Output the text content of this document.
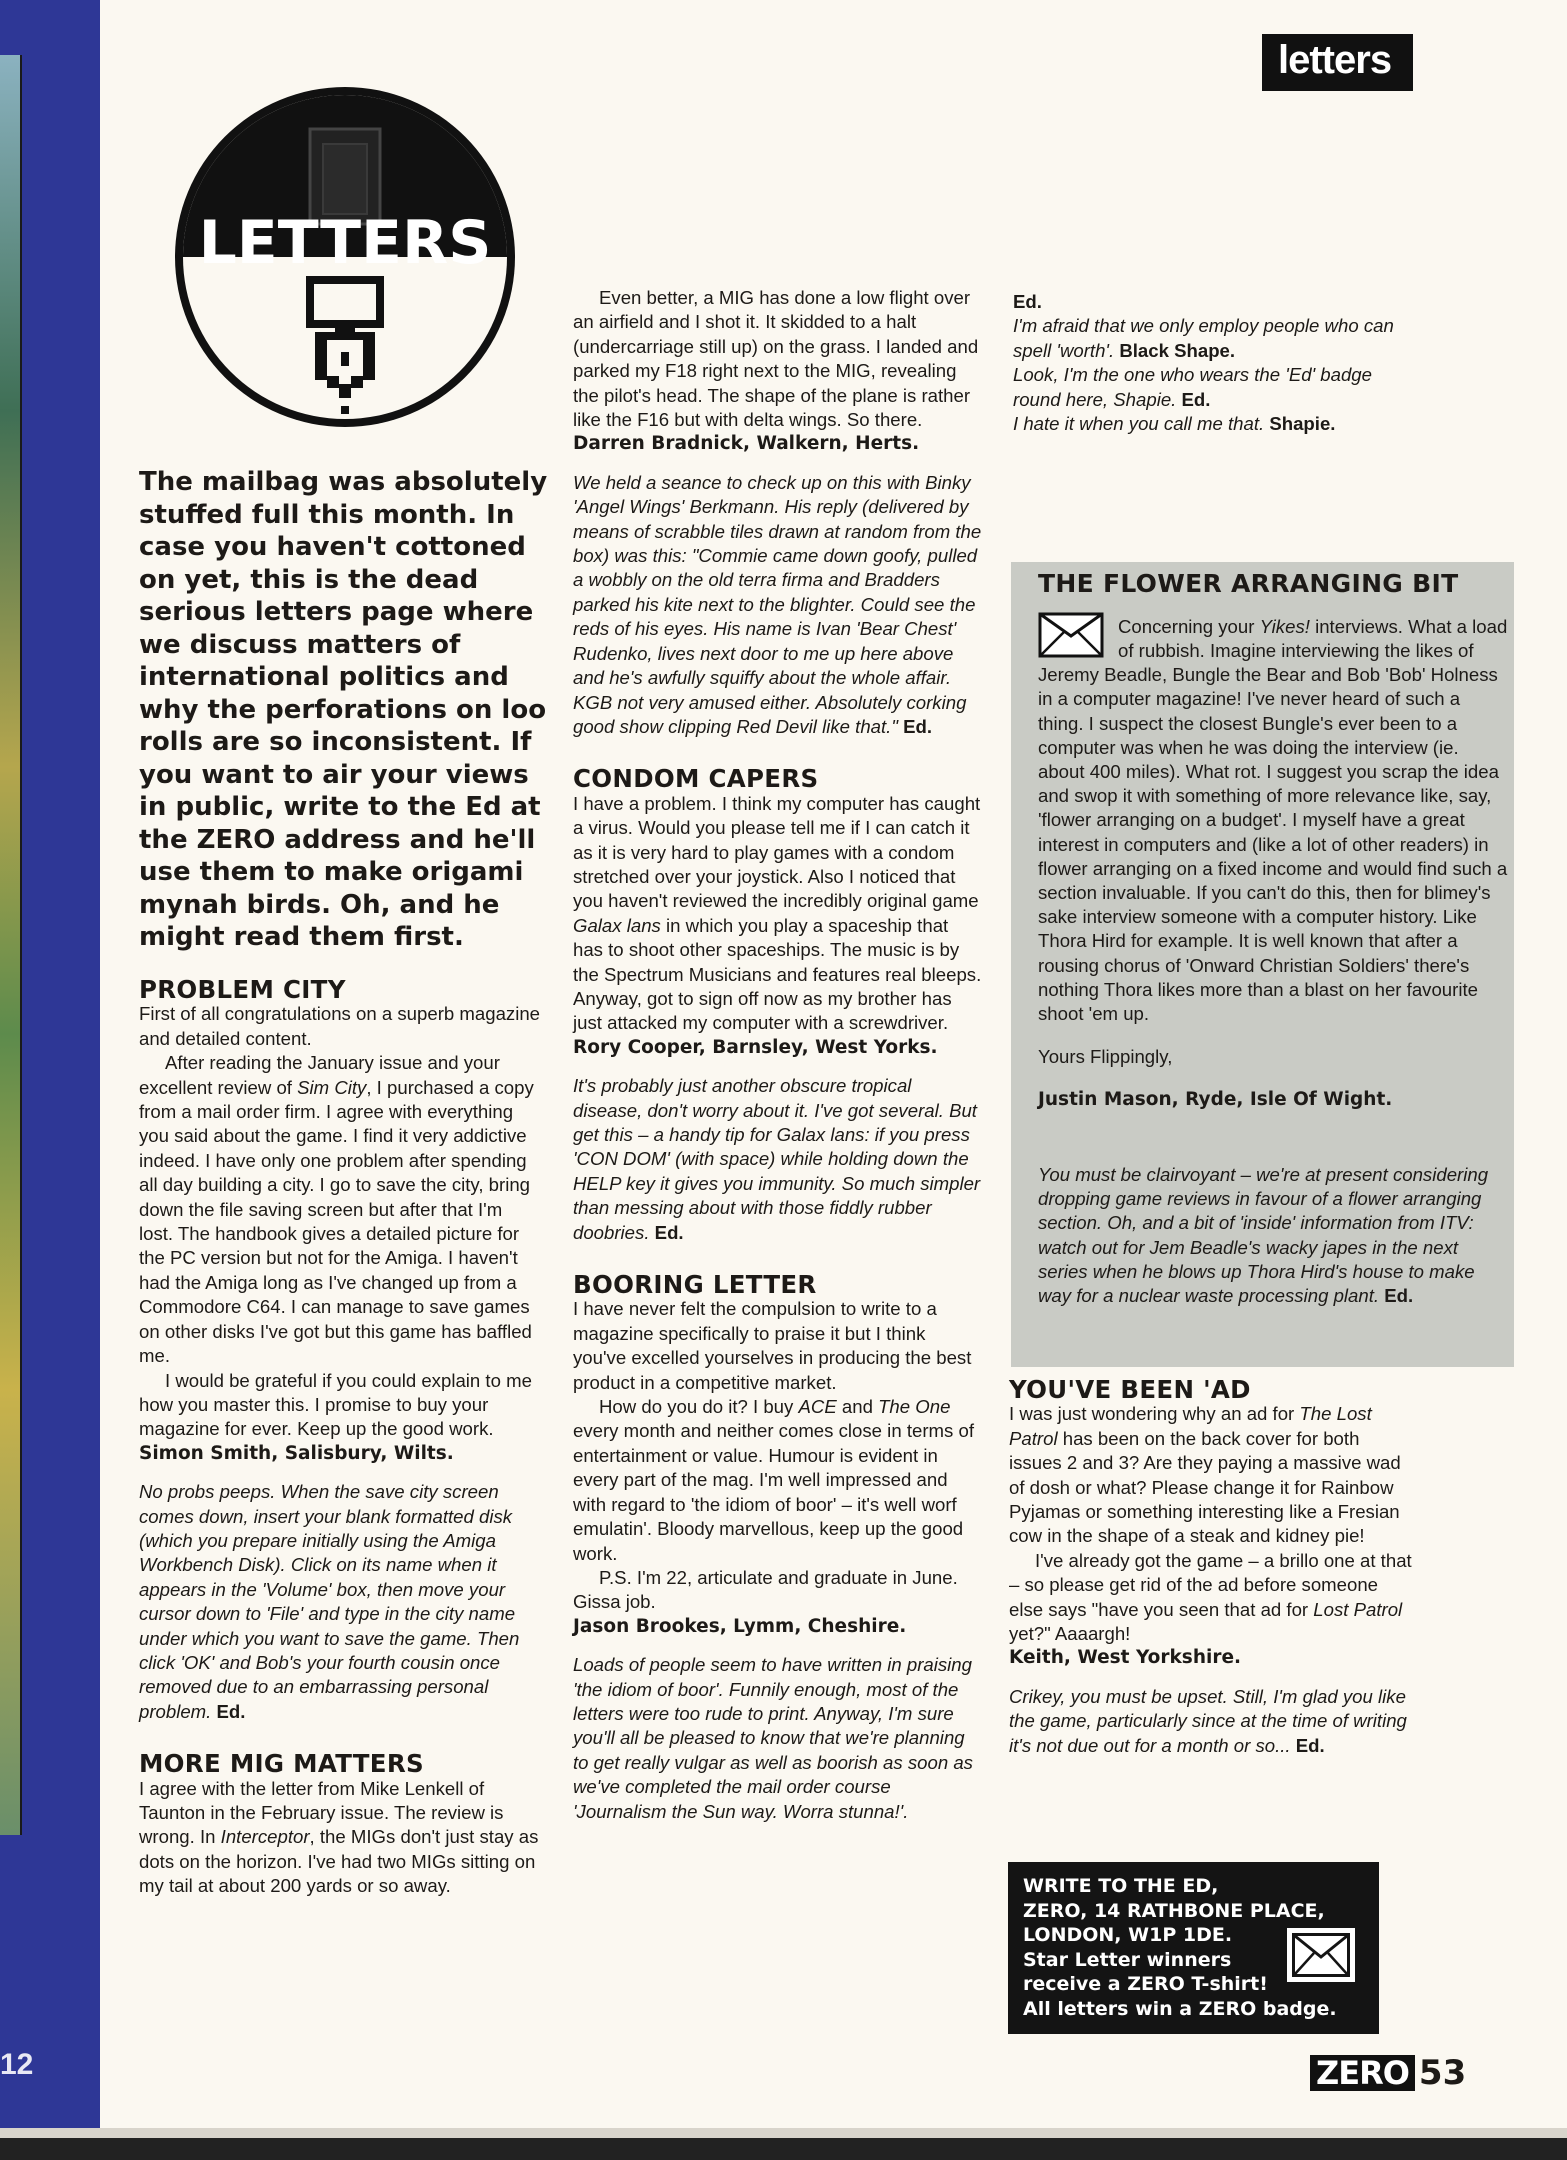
12
letters
LETTERS
The mailbag was absolutely stuffed full this month. In case you haven't cottoned on yet, this is the dead serious letters page where we discuss matters of international politics and why the perforations on loo rolls are so inconsistent. If you want to air your views in public, write to the Ed at the ZERO address and he'll use them to make origami mynah birds. Oh, and he might read them first.

PROBLEM CITY

First of all congratulations on a superb magazine and detailed content.

After reading the January issue and your excellent review of Sim City, I purchased a copy from a mail order firm. I agree with everything you said about the game. I find it very addictive indeed. I have only one problem after spending all day building a city. I go to save the city, bring down the file saving screen but after that I'm lost. The handbook gives a detailed picture for the PC version but not for the Amiga. I haven't had the Amiga long as I've changed up from a Commodore C64. I can manage to save games on other disks I've got but this game has baffled me.

I would be grateful if you could explain to me how you master this. I promise to buy your magazine for ever. Keep up the good work.

Simon Smith, Salisbury, Wilts.

No probs peeps. When the save city screen comes down, insert your blank formatted disk (which you prepare initially using the Amiga Workbench Disk). Click on its name when it appears in the 'Volume' box, then move your cursor down to 'File' and type in the city name under which you want to save the game. Then click 'OK' and Bob's your fourth cousin once removed due to an embarrassing personal problem. Ed.

MORE MIG MATTERS

I agree with the letter from Mike Lenkell of Taunton in the February issue. The review is wrong. In Interceptor, the MIGs don't just stay as dots on the horizon. I've had two MIGs sitting on my tail at about 200 yards or so away.

Even better, a MIG has done a low flight over an airfield and I shot it. It skidded to a halt (undercarriage still up) on the grass. I landed and parked my F18 right next to the MIG, revealing the pilot's head. The shape of the plane is rather like the F16 but with delta wings. So there.

Darren Bradnick, Walkern, Herts.

We held a seance to check up on this with Binky 'Angel Wings' Berkmann. His reply (delivered by means of scrabble tiles drawn at random from the box) was this: "Commie came down goofy, pulled a wobbly on the old terra firma and Bradders parked his kite next to the blighter. Could see the reds of his eyes. His name is Ivan 'Bear Chest' Rudenko, lives next door to me up here above and he's awfully squiffy about the whole affair. KGB not very amused either. Absolutely corking good show clipping Red Devil like that." Ed.

CONDOM CAPERS

I have a problem. I think my computer has caught a virus. Would you please tell me if I can catch it as it is very hard to play games with a condom stretched over your joystick. Also I noticed that you haven't reviewed the incredibly original game Galax lans in which you play a spaceship that has to shoot other spaceships. The music is by the Spectrum Musicians and features real bleeps. Anyway, got to sign off now as my brother has just attacked my computer with a screwdriver.

Rory Cooper, Barnsley, West Yorks.

It's probably just another obscure tropical disease, don't worry about it. I've got several. But get this – a handy tip for Galax lans: if you press 'CON DOM' (with space) while holding down the HELP key it gives you immunity. So much simpler than messing about with those fiddly rubber doobries. Ed.

BOORING LETTER

I have never felt the compulsion to write to a magazine specifically to praise it but I think you've excelled yourselves in producing the best product in a competitive market.

How do you do it? I buy ACE and The One every month and neither comes close in terms of entertainment or value. Humour is evident in every part of the mag. I'm well impressed and with regard to 'the idiom of boor' – it's well worf emulatin'. Bloody marvellous, keep up the good work.

P.S. I'm 22, articulate and graduate in June. Gissa job.

Jason Brookes, Lymm, Cheshire.

Loads of people seem to have written in praising 'the idiom of boor'. Funnily enough, most of the letters were too rude to print. Anyway, I'm sure you'll all be pleased to know that we're planning to get really vulgar as well as boorish as soon as we've completed the mail order course 'Journalism the Sun way. Worra stunna!'.

Ed.

I'm afraid that we only employ people who can spell 'worth'. Black Shape.

Look, I'm the one who wears the 'Ed' badge round here, Shapie. Ed.

I hate it when you call me that. Shapie.

THE FLOWER ARRANGING BIT

Concerning your Yikes! interviews. What a load of rubbish. Imagine interviewing the likes of Jeremy Beadle, Bungle the Bear and Bob 'Bob' Holness in a computer magazine! I've never heard of such a thing. I suspect the closest Bungle's ever been to a computer was when he was doing the interview (ie. about 400 miles). What rot. I suggest you scrap the idea and swop it with something of more relevance like, say, 'flower arranging on a budget'. I myself have a great interest in computers and (like a lot of other readers) in flower arranging on a fixed income and would find such a section invaluable. If you can't do this, then for blimey's sake interview someone with a computer history. Like Thora Hird for example. It is well known that after a rousing chorus of 'Onward Christian Soldiers' there's nothing Thora likes more than a blast on her favourite shoot 'em up.

Yours Flippingly,

Justin Mason, Ryde, Isle Of Wight.

You must be clairvoyant – we're at present considering dropping game reviews in favour of a flower arranging section. Oh, and a bit of 'inside' information from ITV: watch out for Jem Beadle's wacky japes in the next series when he blows up Thora Hird's house to make way for a nuclear waste processing plant. Ed.

YOU'VE BEEN 'AD

I was just wondering why an ad for The Lost Patrol has been on the back cover for both issues 2 and 3? Are they paying a massive wad of dosh or what? Please change it for Rainbow Pyjamas or something interesting like a Fresian cow in the shape of a steak and kidney pie!

I've already got the game – a brillo one at that – so please get rid of the ad before someone else says "have you seen that ad for Lost Patrol yet?" Aaaargh!

Keith, West Yorkshire.

Crikey, you must be upset. Still, I'm glad you like the game, particularly since at the time of writing it's not due out for a month or so... Ed.

WRITE TO THE ED,
ZERO, 14 RATHBONE PLACE,
LONDON, W1P 1DE.
Star Letter winners
receive a ZERO T-shirt!
All letters win a ZERO badge.
ZERO 53
